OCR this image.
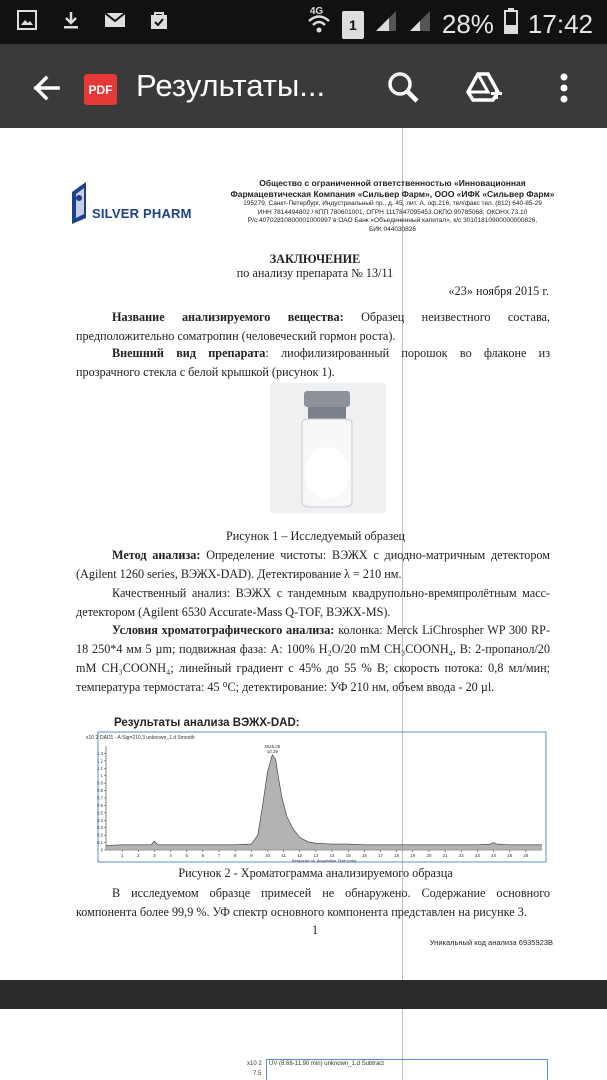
4G
1	28% 17:42
PDF Результаты...
SILVER PHARM
Общество с ограниченной ответственностью «Инновационная
Фармацевтическая Компания «Сильвер Фарм», ООО «ИФК «Сильвер Фарм»
195279, Санкт-Петербург, Индустриальный пр., д. 45, лит. А, оф.216, тел/факс тел. (812) 640-85-29
ИНН 7814494802 / КПП 780601001, ОГРН 1117847095453 ОКПО 90785068, ОКОНХ 73.10
Р/с 40702810800001000997 в ОАО Банк «Объединенный капитал», к/с 30101810900000000826,
БИК 044030826
ЗАКЛЮЧЕНИЕ
по анализу препарата № 13/11
«23» ноября 2015 г.
Название анализируемого вещества: Образец неизвестного состава, предположительно соматропин (человеческий гормон роста).
Внешний вид препарата: лиофилизированный порошок во флаконе из прозрачного стекла с белой крышкой (рисунок 1).
Рисунок 1 – Исследуемый образец
Метод анализа: Определение чистоты: ВЭЖХ с диодно-матричным детектором (Agilent 1260 series, ВЭЖХ-DAD). Детектирование λ = 210 нм.
Качественный анализ: ВЭЖХ с тандемным квадрупольно-времяпролётным масс-детектором (Agilent 6530 Accurate-Mass Q-TOF, ВЭЖХ-MS).
Условия хроматографического анализа: колонка: Merck LiChrospher WP 300 RP-18 250*4 мм 5 µm; подвижная фаза: А: 100% H₂O/20 mM CH₃COONH₄, В: 2-пропанол/20 mM CH₃COONH₄; линейный градиент с 45% до 55 % В; скорость потока: 0,8 мл/мин; температура термостата: 45 ⁰С; детектирование: УФ 210 нм, объем ввода - 20 µl.
Результаты анализа ВЭЖХ-DAD:
DAD1 - A:Sig=210,3 unknown_1.d Smooth
x10 2
1	2	3	4	5	6	7	8	9	10	11	12 13 14 15 16 17 18 19 20 21 22 23 24 25 26
0
0.1
0.2
0.3
0.4
0.5
0.6
0.7
0.8
0.9
1
1.1
1.2
1.3
3625.05
10.39
Response vs. Acquisition Time (min)
Рисунок 2 - Хроматограмма анализируемого образца
В исследуемом образце примесей не обнаружено. Содержание основного компонента более 99,9 %. УФ спектр основного компонента представлен на рисунке 3.
1
Уникальный код анализа 6935923B
UV (8.68-11.90 min) unknown_1.d Subtract
x10 2
7.5
